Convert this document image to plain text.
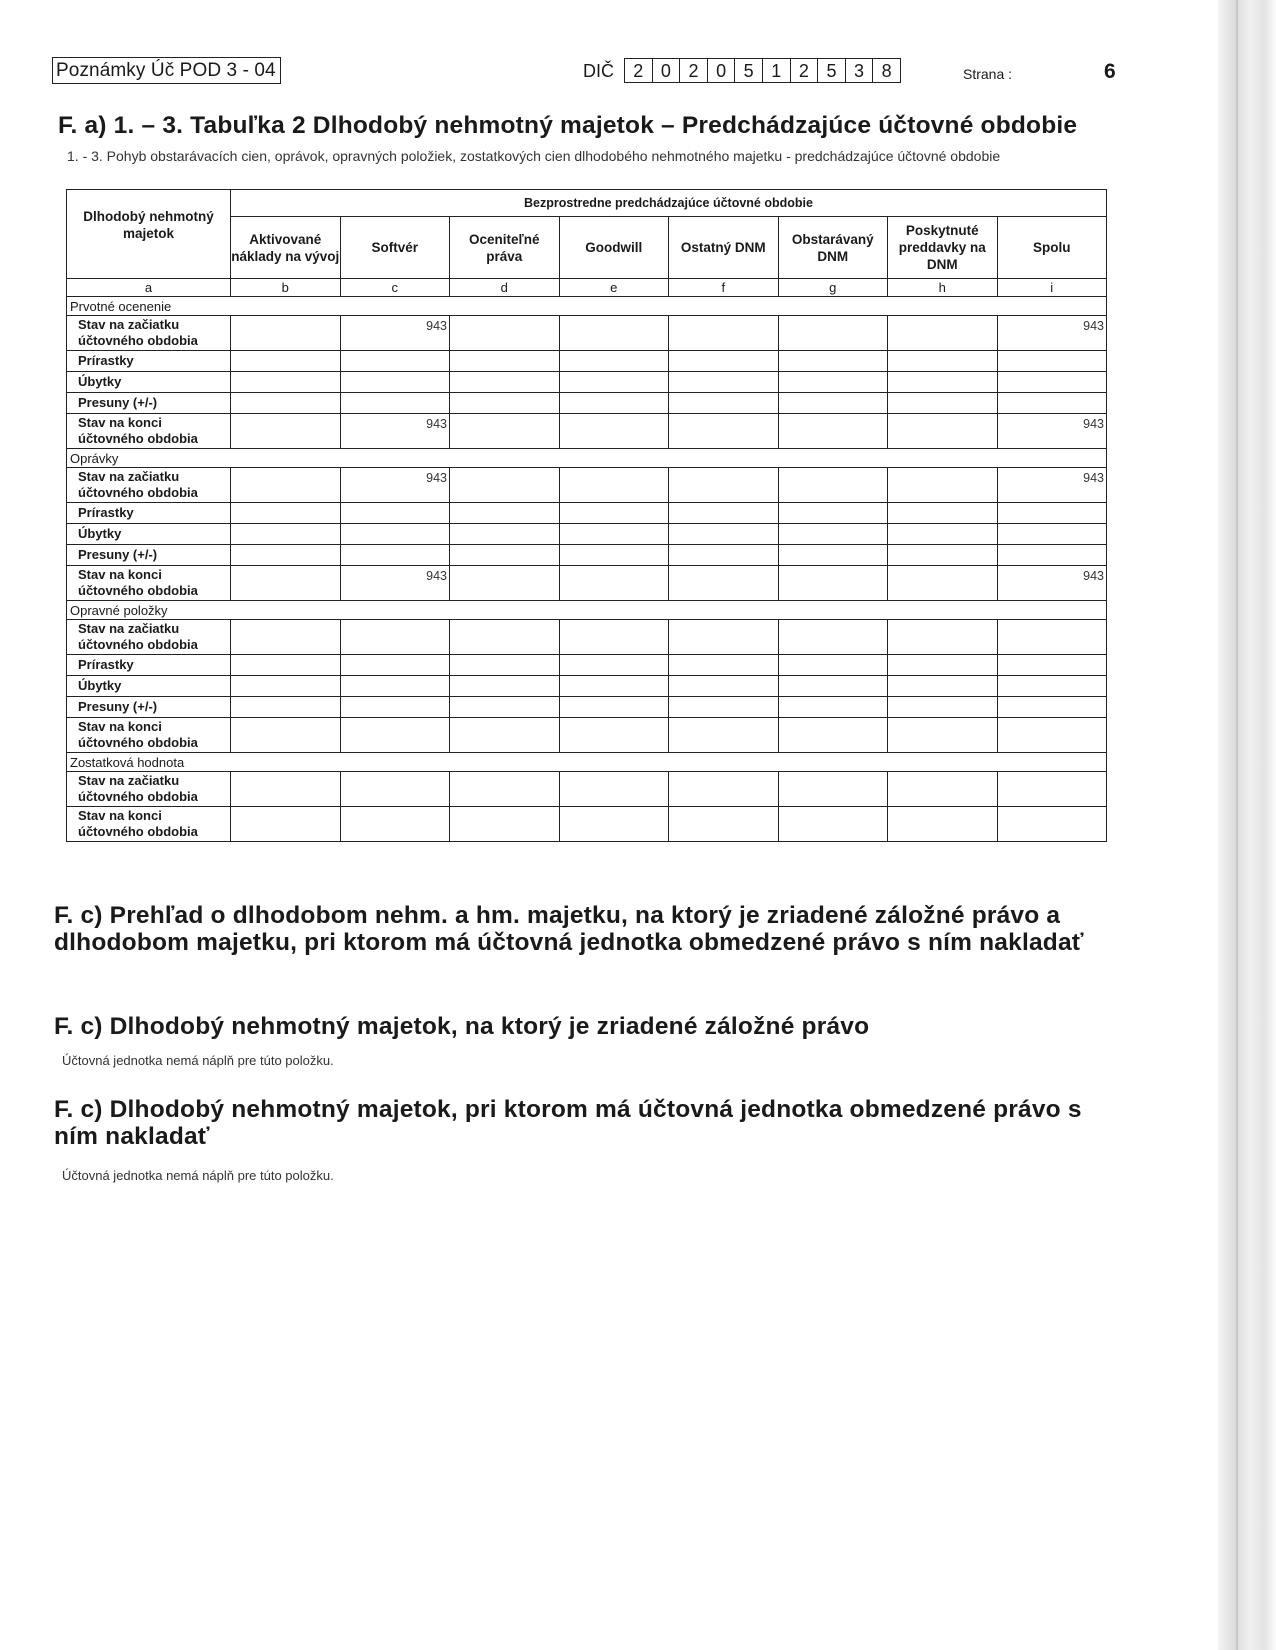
Poznámky Úč POD 3 - 04	DIČ	2 0 2 0 5 1 2 5 3 8	Strana :	6
F. a) 1. – 3. Tabuľka 2 Dlhodobý nehmotný majetok – Predchádzajúce účtovné obdobie
1. - 3. Pohyb obstarávacích cien, oprávok, opravných položiek, zostatkových cien dlhodobého nehmotného majetku - predchádzajúce účtovné obdobie
Dlhodobý nehmotný majetok	Bezprostredne predchádzajúce účtovné obdobie							
	Aktivované náklady na vývoj	Softvér	Oceniteľné práva	Goodwill	Ostatný DNM	Obstarávaný DNM	Poskytnuté preddavky na DNM	Spolu
a	b	c	d	e	f	g	h	i
Prvotné ocenenie								
Stav na začiatku účtovného obdobia		943						943
Prírastky								
Úbytky								
Presuny (+/-)								
Stav na konci účtovného obdobia		943						943
Oprávky								
Stav na začiatku účtovného obdobia		943						943
Prírastky								
Úbytky								
Presuny (+/-)								
Stav na konci účtovného obdobia		943						943
Opravné položky								
Stav na začiatku účtovného obdobia								
Prírastky								
Úbytky								
Presuny (+/-)								
Stav na konci účtovného obdobia								
Zostatková hodnota								
Stav na začiatku účtovného obdobia								
Stav na konci účtovného obdobia								
F. c) Prehľad o dlhodobom nehm. a hm. majetku, na ktorý je zriadené záložné právo a dlhodobom majetku, pri ktorom má účtovná jednotka obmedzené právo s ním nakladať
F. c) Dlhodobý nehmotný majetok, na ktorý je zriadené záložné právo
Účtovná jednotka nemá náplň pre túto položku.
F. c) Dlhodobý nehmotný majetok, pri ktorom má účtovná jednotka obmedzené právo s ním nakladať
Účtovná jednotka nemá náplň pre túto položku.
